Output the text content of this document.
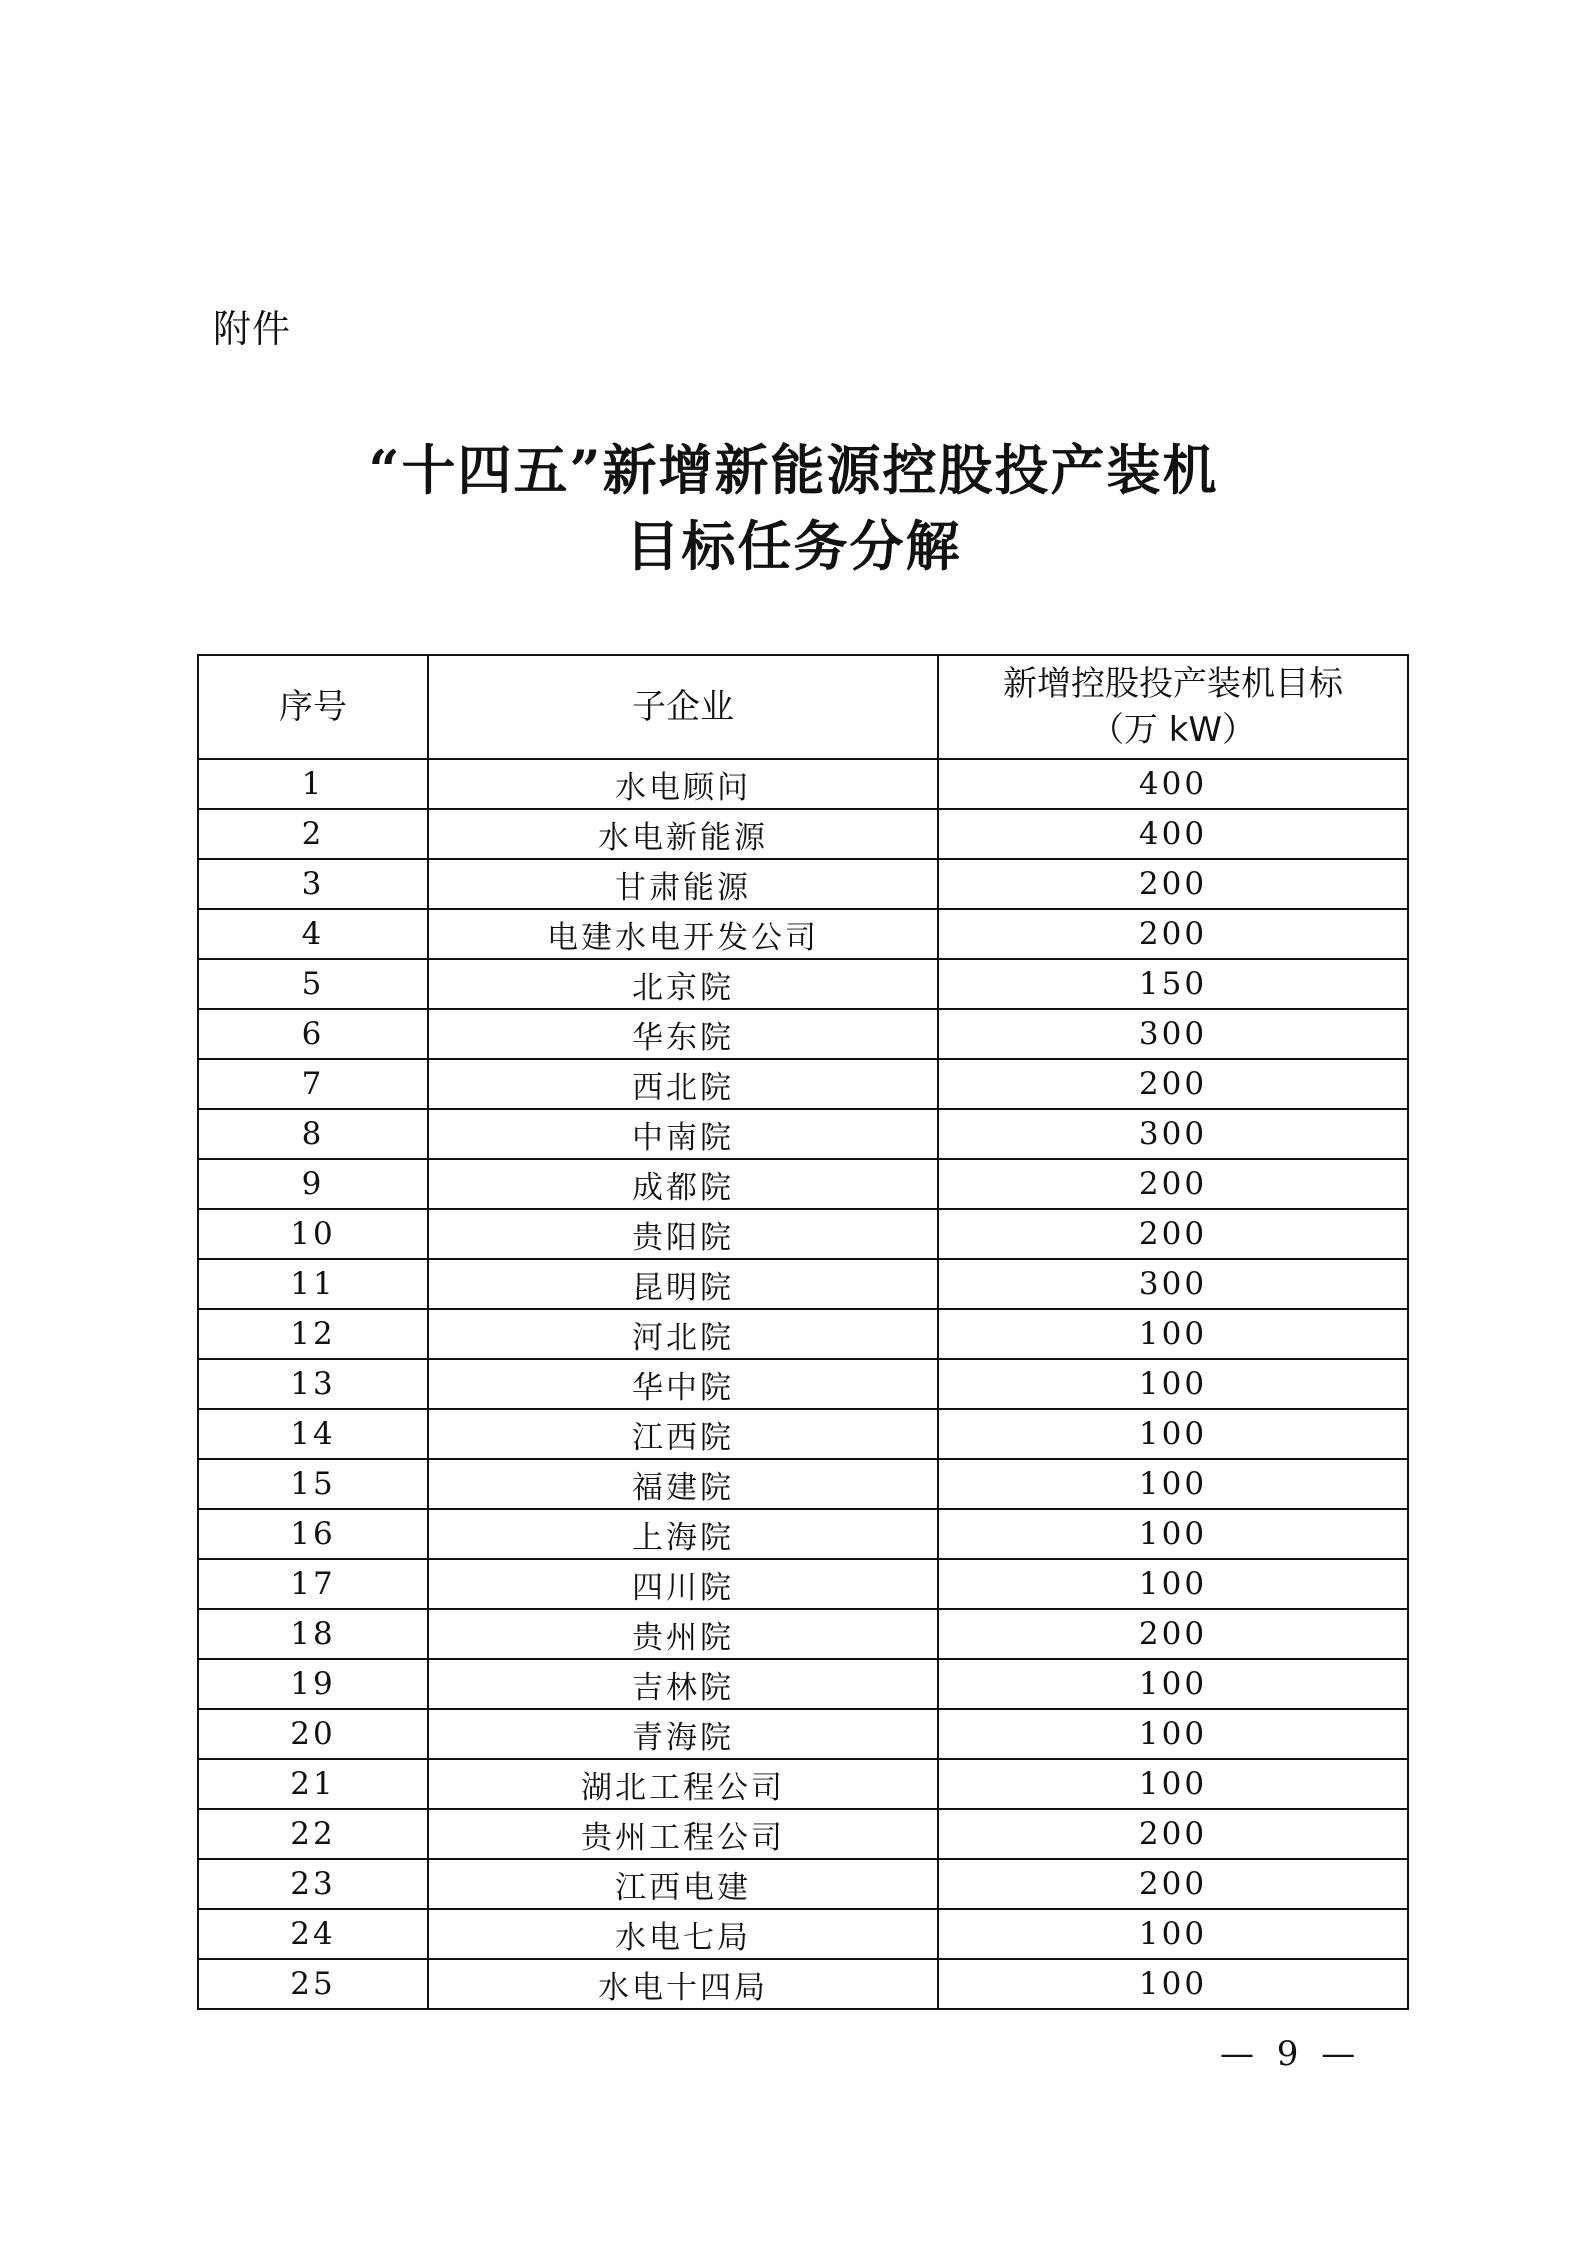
附件
“十四五”新增新能源控股投产装机
目标任务分解
序号	子企业	新增控股投产装机目标
（万 kW）

1	水电顾问	400
2	水电新能源	400
3	甘肃能源	200
4	电建水电开发公司	200
5	北京院	150
6	华东院	300
7	西北院	200
8	中南院	300
9	成都院	200
10	贵阳院	200
11	昆明院	300
12	河北院	100
13	华中院	100
14	江西院	100
15	福建院	100
16	上海院	100
17	四川院	100
18	贵州院	200
19	吉林院	100
20	青海院	100
21	湖北工程公司	100
22	贵州工程公司	200
23	江西电建	200
24	水电七局	100
25	水电十四局	100
— 9 —
